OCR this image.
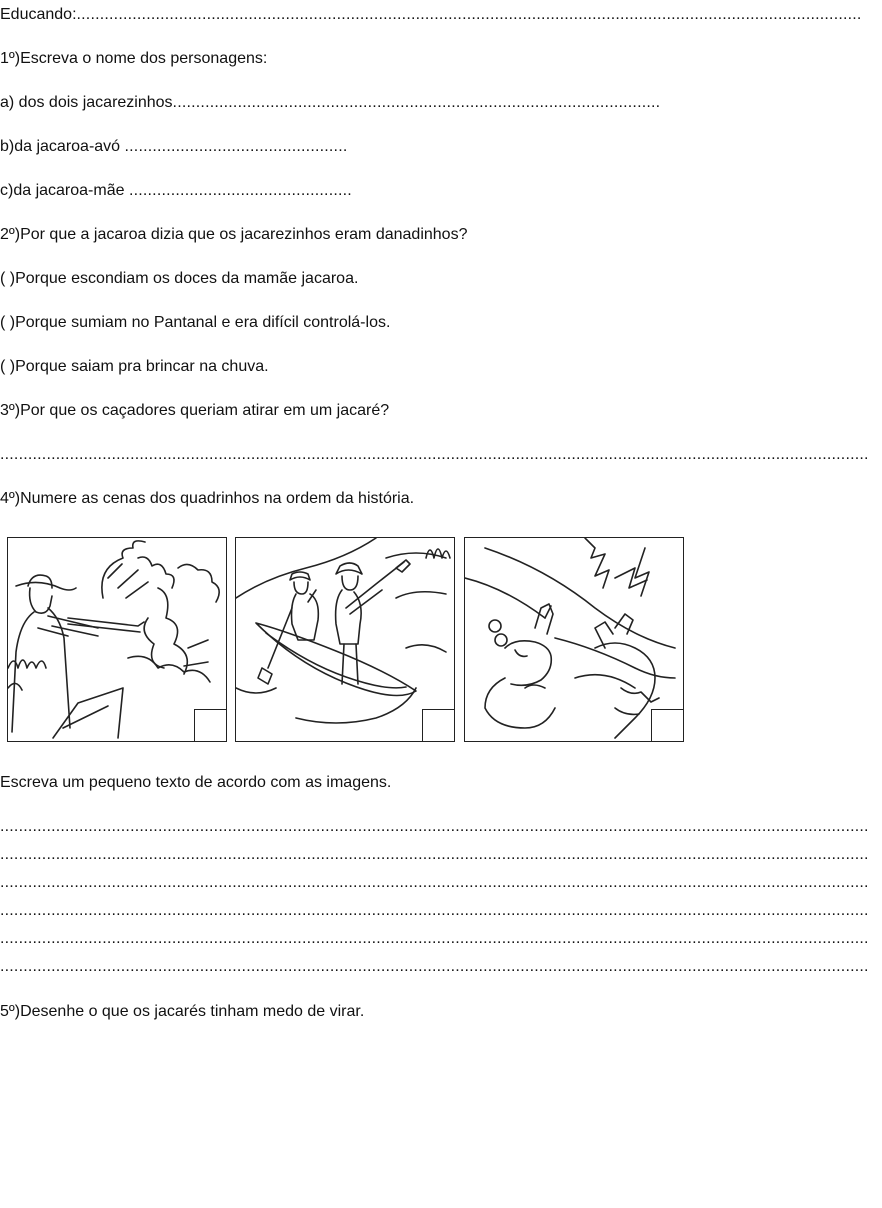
Educando:.........................................................................................................................................................................
1º)Escreva o nome dos personagens:
a) dos dois jacarezinhos.........................................................................................................
b)da jacaroa-avó ................................................
c)da jacaroa-mãe ................................................
2º)Por que a jacaroa dizia que os jacarezinhos eram danadinhos?
( )Porque escondiam os doces da mamãe jacaroa.
( )Porque sumiam no Pantanal e era difícil controlá-los.
( )Porque saiam pra brincar na chuva.
3º)Por que os caçadores queriam atirar em um jacaré?
...........................................................................................................................................................................................
4º)Numere as cenas dos quadrinhos na ordem da história.
Escreva um pequeno texto de acordo com as imagens.
...........................................................................................................................................................................................
...........................................................................................................................................................................................
...........................................................................................................................................................................................
...........................................................................................................................................................................................
...........................................................................................................................................................................................
...........................................................................................................................................................................................
5º)Desenhe o que os jacarés tinham medo de virar.
